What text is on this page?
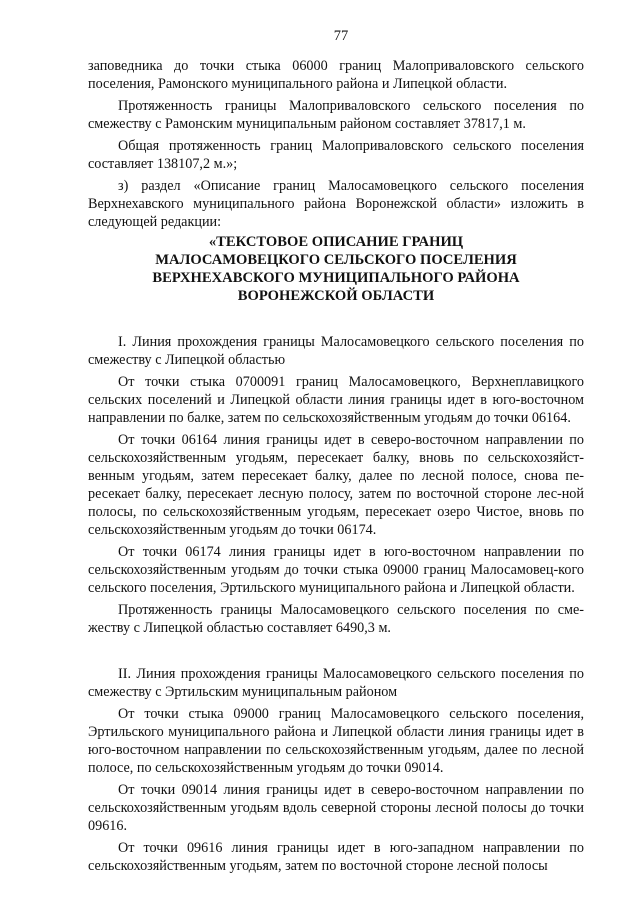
77

заповедника до точки стыка 06000 границ Малоприваловского сельского поселения, Рамонского муниципального района и Липецкой области.

Протяженность границы Малоприваловского сельского поселения по смежеству с Рамонским муниципальным районом составляет 37817,1 м.

Общая протяженность границ Малоприваловского сельского поселения составляет 138107,2 м.»;

з) раздел «Описание границ Малосамовецкого сельского поселения Верхнехавского муниципального района Воронежской области» изложить в следующей редакции:

«ТЕКСТОВОЕ ОПИСАНИЕ ГРАНИЦ
МАЛОСАМОВЕЦКОГО СЕЛЬСКОГО ПОСЕЛЕНИЯ
ВЕРХНЕХАВСКОГО МУНИЦИПАЛЬНОГО РАЙОНА
ВОРОНЕЖСКОЙ ОБЛАСТИ

I. Линия прохождения границы Малосамовецкого сельского поселения по смежеству с Липецкой областью

От точки стыка 0700091 границ Малосамовецкого, Верхнеплавицкого сельских поселений и Липецкой области линия границы идет в юго-восточном направлении по балке, затем по сельскохозяйственным угодьям до точки 06164.

От точки 06164 линия границы идет в северо-восточном направлении по сельскохозяйственным угодьям, пересекает балку, вновь по сельскохозяйст-венным угодьям, затем пересекает балку, далее по лесной полосе, снова пе-ресекает балку, пересекает лесную полосу, затем по восточной стороне лес-ной полосы, по сельскохозяйственным угодьям, пересекает озеро Чистое, вновь по сельскохозяйственным угодьям до точки 06174.

От точки 06174 линия границы идет в юго-восточном направлении по сельскохозяйственным угодьям до точки стыка 09000 границ Малосамовец-кого сельского поселения, Эртильского муниципального района и Липецкой области.

Протяженность границы Малосамовецкого сельского поселения по сме-жеству с Липецкой областью составляет 6490,3 м.

II. Линия прохождения границы Малосамовецкого сельского поселения по смежеству с Эртильским муниципальным районом

От точки стыка 09000 границ Малосамовецкого сельского поселения, Эртильского муниципального района и Липецкой области линия границы идет в юго-восточном направлении по сельскохозяйственным угодьям, далее по лесной полосе, по сельскохозяйственным угодьям до точки 09014.

От точки 09014 линия границы идет в северо-восточном направлении по сельскохозяйственным угодьям вдоль северной стороны лесной полосы до точки 09616.

От точки 09616 линия границы идет в юго-западном направлении по сельскохозяйственным угодьям, затем по восточной стороне лесной полосы
